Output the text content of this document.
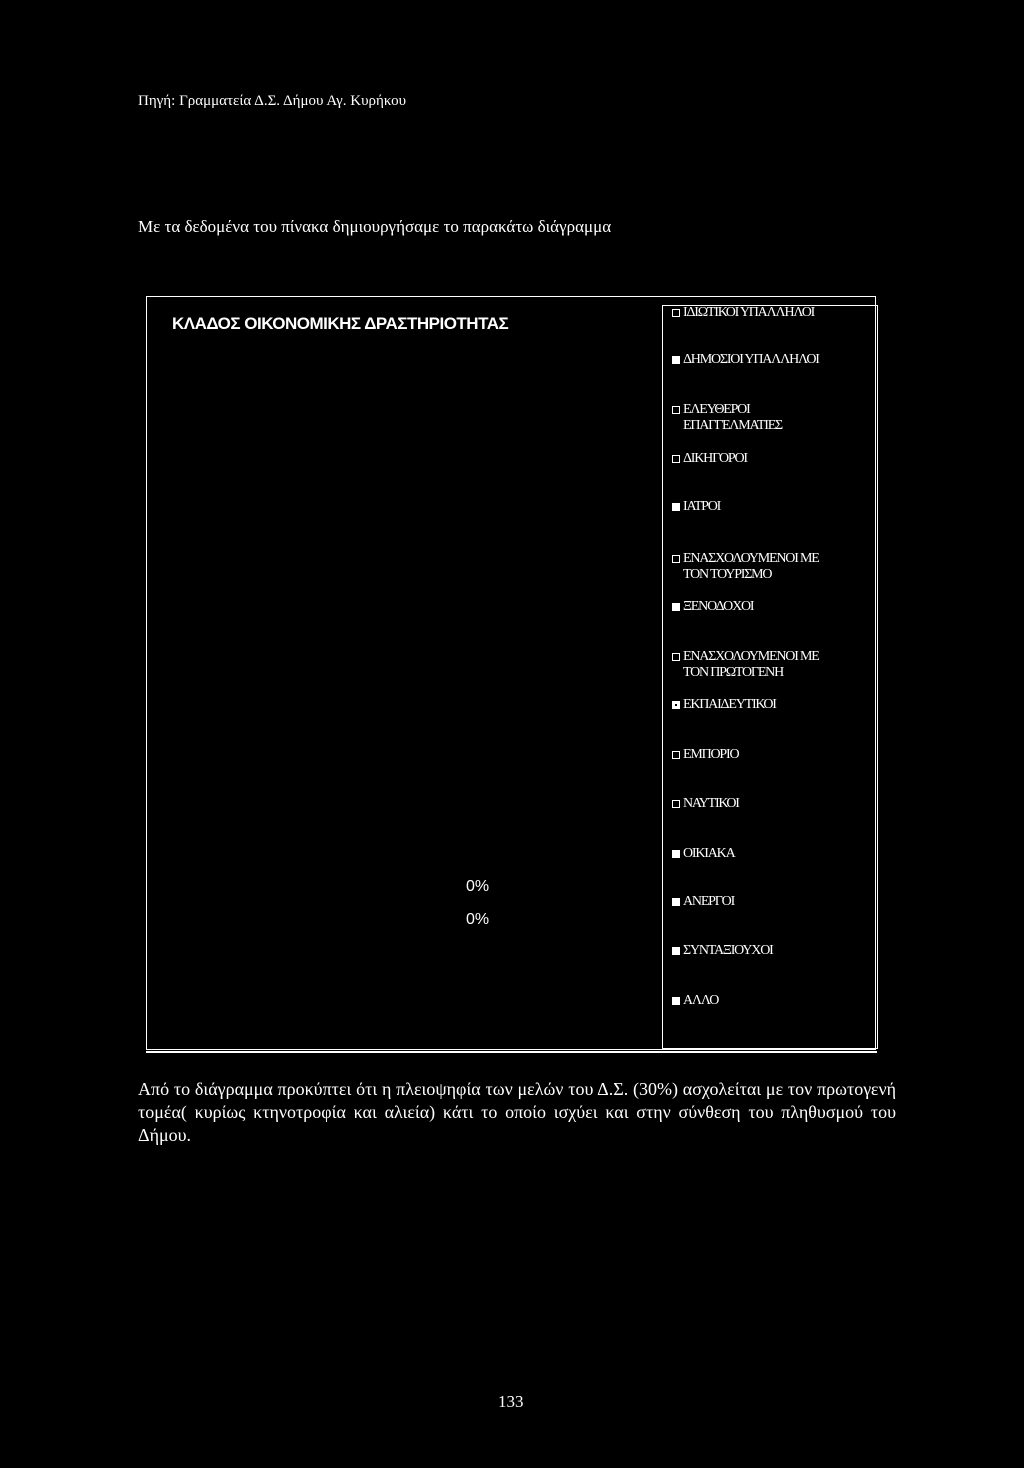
Πηγή: Γραμματεία Δ.Σ. Δήμου Αγ. Κυρήκου
Με τα δεδομένα του πίνακα δημιουργήσαμε το παρακάτω διάγραμμα
ΚΛΑΔΟΣ ΟΙΚΟΝΟΜΙΚΗΣ ΔΡΑΣΤΗΡΙΟΤΗΤΑΣ
0%
0%
ΙΔΙΩΤΙΚΟΙ ΥΠΑΛΛΗΛΟΙ
ΔΗΜΟΣΙΟΙ ΥΠΑΛΛΗΛΟΙ
ΕΛΕΥΘΕΡΟΙ
ΕΠΑΓΓΕΛΜΑΤΙΕΣ
ΔΙΚΗΓΟΡΟΙ
ΙΑΤΡΟΙ
ΕΝΑΣΧΟΛΟΥΜΕΝΟΙ ΜΕ
ΤΟΝ ΤΟΥΡΙΣΜΟ
ΞΕΝΟΔΟΧΟΙ
ΕΝΑΣΧΟΛΟΥΜΕΝΟΙ ΜΕ
ΤΟΝ ΠΡΩΤΟΓΕΝΗ
ΕΚΠΑΙΔΕΥΤΙΚΟΙ
ΕΜΠΟΡΙΟ
ΝΑΥΤΙΚΟΙ
ΟΙΚΙΑΚΑ
ΑΝΕΡΓΟΙ
ΣΥΝΤΑΞΙΟΥΧΟΙ
ΑΛΛΟ
Από το διάγραμμα προκύπτει ότι η πλειοψηφία των μελών του Δ.Σ. (30%) ασχολείται με τον πρωτογενή τομέα( κυρίως κτηνοτροφία και αλιεία) κάτι το οποίο ισχύει και στην σύνθεση του πληθυσμού του Δήμου.
133
